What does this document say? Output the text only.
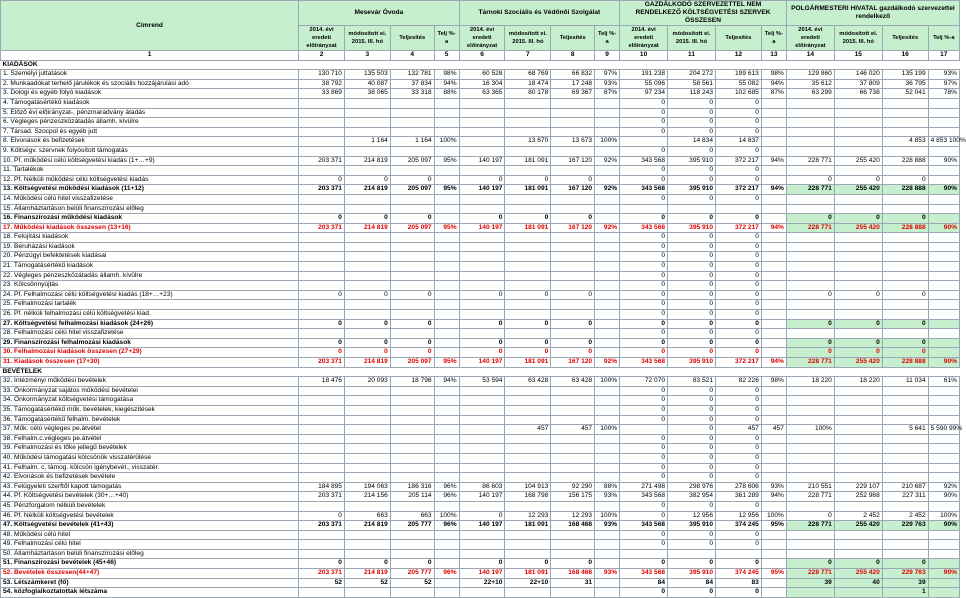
Címrend	Mesevár Óvoda				Tárnoki Szociális és Védőnői Szolgálat				GAZDÁLKODÓ SZERVEZETTEL NEM RENDELKEZŐ KÖLTSÉGVETÉSI SZERVEK ÖSSZESEN				POLGÁRMESTERI HIVATAL gazdálkodó szervezettel rendelkező			
	2014. évi eredeti előirányzat	módosított ei. 2015. III. hó	Teljesítés	Telj %-a	2014. évi eredeti előirányzat	módosított ei. 2015. III. hó	Teljesítés	Telj %-a	2014. évi eredeti előirányzat	módosított ei. 2015. III. hó	Teljesítés	Telj %-a	2014. évi eredeti előirányzat	módosított ei. 2015. III. hó	Teljesítés	Telj %-a
1	2	3	4	5	6	7	8	9	10	11	12	13	14	15	16	17
KIADÁSOK																
1. Személyi juttatások	130 710	135 503	132 781	98%	60 528	68 769	66 832	97%	191 238	204 272	199 613	98%	129 860	146 020	135 199	93%
2. Munkaadókat terhelő járulékok és szociális hozzájárulási adó	38 792	40 087	37 834	94%	16 304	18 474	17 248	93%	55 096	58 561	55 082	94%	35 612	37 809	36 795	97%
3. Dologi és egyéb folyó kiadások	33 869	38 065	33 318	88%	63 365	80 178	69 367	87%	97 234	118 243	102 685	87%	63 299	66 738	52 041	78%
4. Támogatásértékű kiadások									0	0	0					
5. Előző évi előirányzat-, pénzmaradvány átadás									0	0	0					
6. Végleges pénzeszközátadás államh. kívülre									0	0	0					
7. Társad. Szocpol és egyéb jutt									0	0	0					
8. Elvonások és befizetések		1 164	1 164	100%		13 670	13 673	100%		14 834	14 837				4 853	4 853 100%
9. Költségv. szervnek folyósított támogatás									0	0	0					
10. Pf. működési célú költségvetési kiadás (1+…+9)	203 371	214 819	205 097	95%	140 197	181 091	167 120	92%	343 568	395 910	372 217	94%	228 771	255 420	228 888	90%
11. Tartalékok									0	0	0					
12. Pf. Nélküli működési célú költségvetési kiadás	0	0	0		0	0	0		0	0	0		0	0	0	
13. Költségvetési működési kiadások (11+12)	203 371	214 819	205 097	95%	140 197	181 091	167 120	92%	343 568	395 910	372 217	94%	228 771	255 420	228 888	90%
14. Működési célú hitel visszafizetése									0	0	0					
15. Államháztartáson belüli finanszírozási előleg																
16. Finanszírozási működési kiadások	0	0	0		0	0	0		0	0	0		0	0	0	
17. Működési kiadások összesen (13+16)	203 371	214 819	205 097	95%	140 197	181 091	167 120	92%	343 568	395 910	372 217	94%	228 771	255 420	228 888	90%
18. Felújítási kiadások									0	0	0					
19. Beruházási kiadások									0	0	0					
20. Pénzügyi befektetések kiadásai									0	0	0					
21. Támogatásértékű kiadások									0	0	0					
22. Végleges pénzeszközátadás államh. kívülre									0	0	0					
23. Kölcsönnyújtás									0	0	0					
24. Pf. Felhalmozási célú költségvetési kiadás (18+…+23)	0	0	0		0	0	0		0	0	0		0	0	0	
25. Felhalmozási tartalék									0	0	0					
26. Pf. nélküli felhalmozási célú költségvetési kiad.									0	0	0					
27. Költségvetési felhalmozási kiadások (24+26)	0	0	0		0	0	0		0	0	0		0	0	0	
28. Felhalmozási célú hitel visszafizetése									0	0	0					
29. Finanszírozási felhalmozási kiadások	0	0	0		0	0	0		0	0	0		0	0	0	
30. Felhalmozási kiadások összesen (27+29)	0	0	0		0	0	0		0	0	0		0	0	0	
31. Kiadások összesen (17+30)	203 371	214 819	205 097	95%	140 197	181 091	167 120	92%	343 568	395 910	372 217	94%	228 771	255 420	228 888	90%
BEVÉTELEK																
32. Intézményi működési bevételek	18 476	20 093	18 798	94%	53 594	63 428	63 428	100%	72 070	83 521	82 226	98%	18 220	18 220	11 034	61%
33. Önkormányzat sajátos működési bevételei									0	0	0					
34. Önkormányzat költségvetési támogatása									0	0	0					
35. Támogatásértékű műk. bevételek, kiegészítések									0	0	0					
36. Támogatásértékű felhalm. bevételek									0	0	0					
37. Műk. célú végleges pe.átvétel						457	457	100%		0	457	457	100%		5 641	5 590 99%
38. Felhalm.c.végleges pe.átvétel									0	0	0					
39. Felhalmozási és tőke jellegű bevételek									0	0	0					
40. Működési támogatási kölcsönök visszatérülése									0	0	0					
41. Felhalm. c. támog. kölcsön igénybevét., visszatér.									0	0	0					
42. Elvonások és befizetések bevétele									0	0	0					
43. Felügyeleti szerftől kapott támogatás	184 895	194 063	186 316	96%	86 603	104 913	92 290	88%	271 498	298 976	278 606	93%	210 551	229 107	210 687	92%
44. Pf. Költségvetési bevételek (30+…+40)	203 371	214 156	205 114	96%	140 197	168 798	156 175	93%	343 568	382 954	361 289	94%	228 771	252 968	227 311	90%
45. Pénzforgalom nélküli bevételek									0	0	0					
46. Pf. Nélküli költségvetési bevételek	0	663	663	100%	0	12 293	12 293	100%	0	12 956	12 956	100%	0	2 452	2 452	100%
47. Költségvetési bevételek (41+43)	203 371	214 819	205 777	96%	140 197	181 091	168 468	93%	343 568	395 910	374 245	95%	228 771	255 420	229 763	90%
48. Működési célú hitel									0	0	0					
49. Felhalmozási célú hitel									0	0	0					
50. Államháztartáson belüli finanszírozási előleg																
51. Finanszírozási bevételek (45+46)	0	0	0		0	0	0		0	0	0		0	0	0	
52. Bevételek összesen(44+47)	203 371	214 819	205 777	96%	140 197	181 091	168 468	93%	343 568	395 910	374 245	95%	228 771	255 420	229 763	90%
53. Létszámkeret (fő)	52	52	52		22+10	22+10	31		84	84	83		39	40	39	
54. közfoglalkoztatottak létszáma									0	0	0				1	
